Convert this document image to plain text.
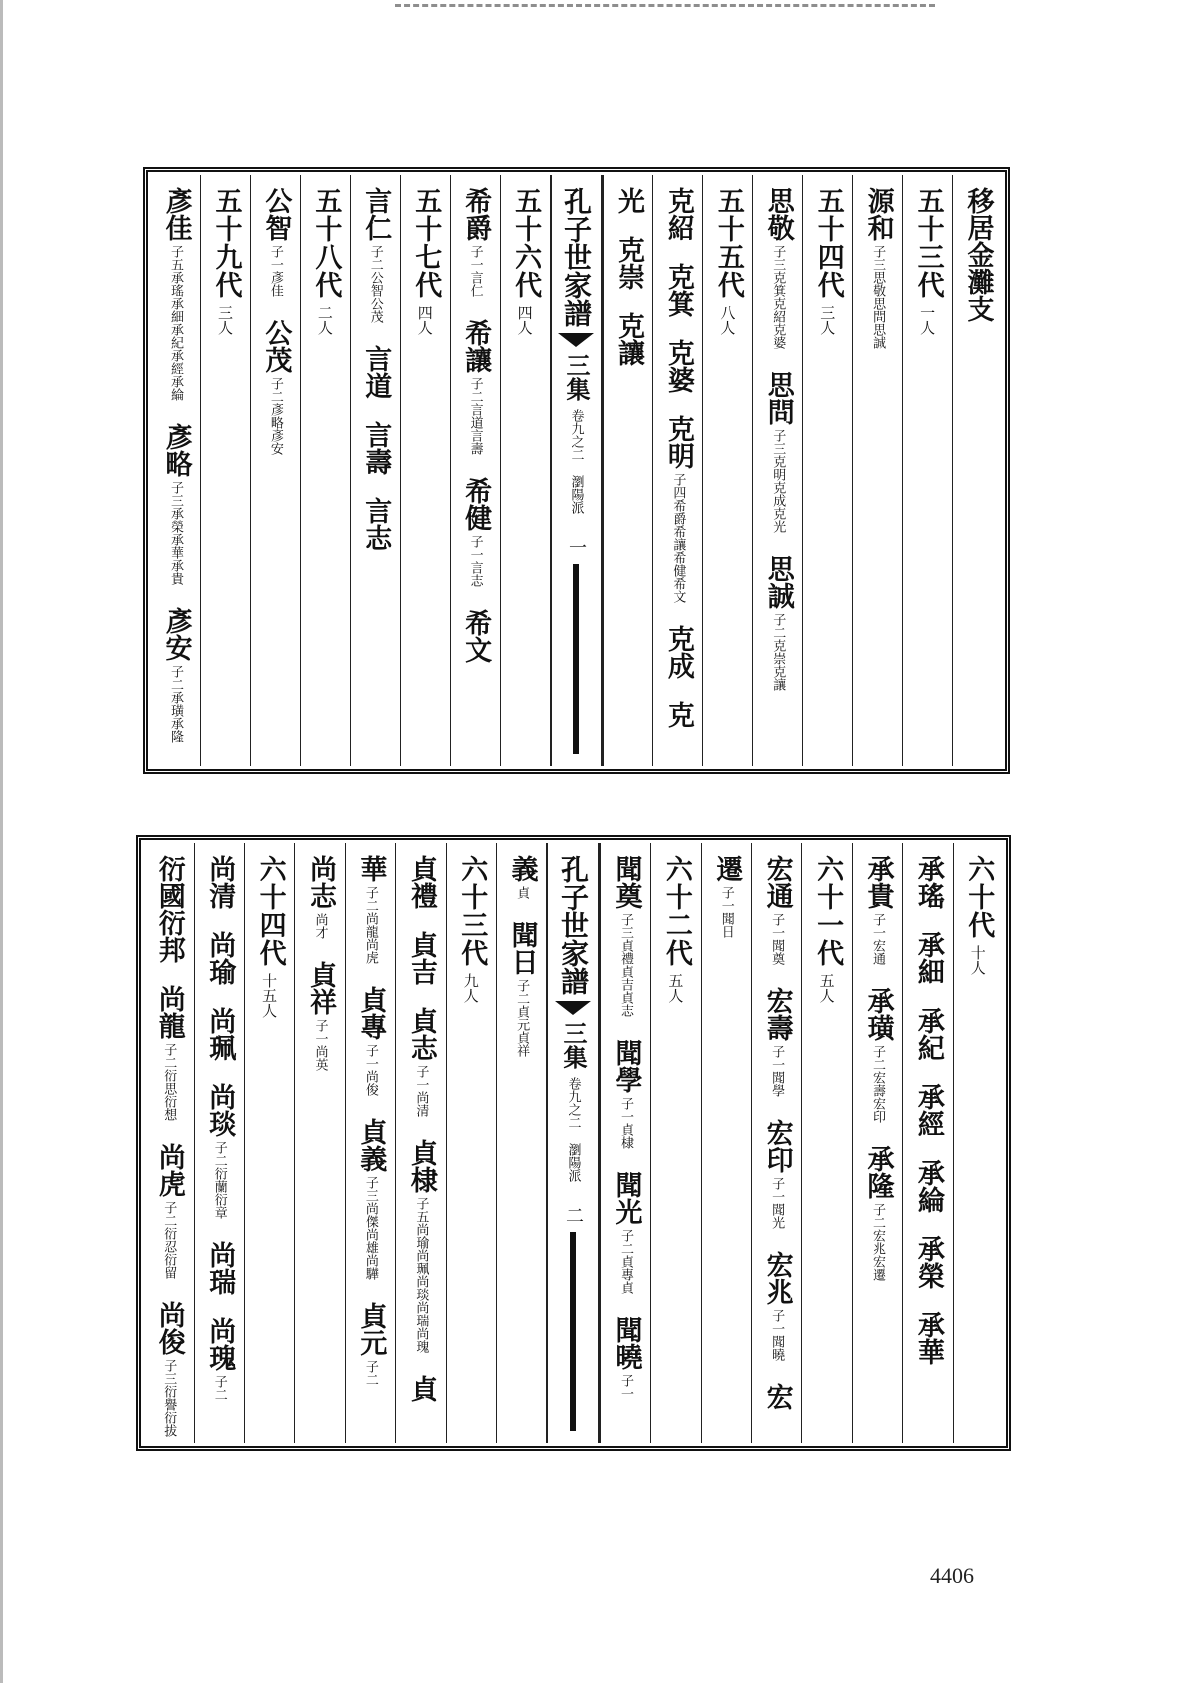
移居金灘支
五十三代
一人
源和
子三思敬思問思誠
五十四代
三人
思敬
子三克箕克紹克婆
思問
子三克明克成克光
思誠
子二克崇克讓
五十五代
八人
克紹
克箕
克婆
克明
子四希爵希讓希健希文
克成
克
光
克崇
克讓
孔子世家譜
三集
卷九之二
瀏陽派
一
五十六代
四人
希爵
子一言仁
希讓
子二言道言壽
希健
子一言志
希文
五十七代
四人
言仁
子二公智公茂
言道
言壽
言志
五十八代
二人
公智
子一彥佳
公茂
子二彥略彥安
五十九代
三人
彥佳
子五承瑤承細承紀承經承綸
彥略
子三承榮承華承貴
彥安
子二承璜承隆
六十代
十人
承瑤
承細
承紀
承經
承綸
承榮
承華
承貴
子一宏通
承璜
子二宏壽宏印
承隆
子二宏兆宏遷
六十一代
五人
宏通
子一聞奠
宏壽
子一聞學
宏印
子一聞光
宏兆
子一聞曉
宏
遷
子一聞日
六十二代
五人
聞奠
子三貞禮貞吉貞志
聞學
子一貞棣
聞光
子二貞專貞
聞曉
子一
孔子世家譜
三集
卷九之二
瀏陽派
二
義
貞
聞日
子二貞元貞祥
六十三代
九人
貞禮
貞吉
貞志
子一尚清
貞棣
子五尚瑜尚珮尚琰尚瑞尚瑰
貞
華
子二尚龍尚虎
貞專
子一尚俊
貞義
子三尚傑尚雄尚驊
貞元
子二
尚志
尚才
貞祥
子一尚英
六十四代
十五人
尚清
尚瑜
尚珮
尚琰
子二衍蘭衍章
尚瑞
尚瑰
子二
衍國衍邦
尚龍
子二衍思衍想
尚虎
子二衍忍衍留
尚俊
子三衍譽衍拔
4406
